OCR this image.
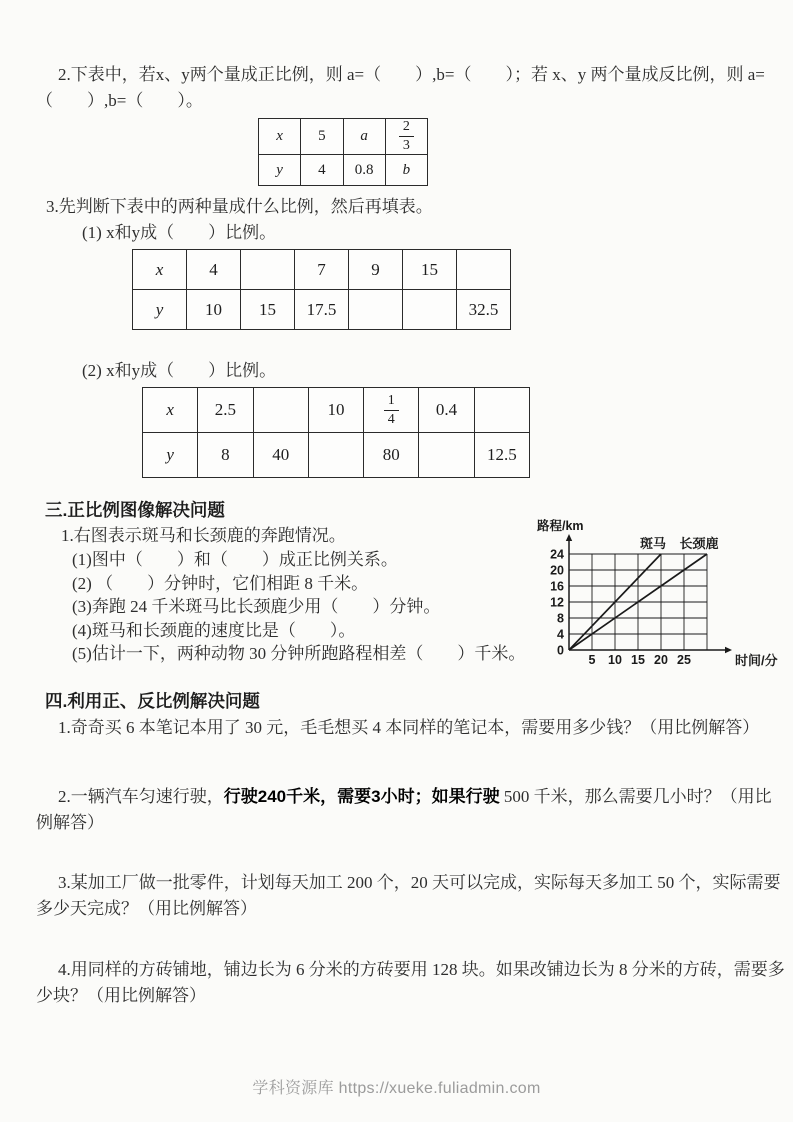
2.下表中，若x、y两个量成正比例，则 a=（　　）,b=（　　）；若 x、y 两个量成反比例，则 a=（　　）,b=（　　）。

x	5	a	$\frac{2}{3}$

y	4	0.8	b

3.先判断下表中的两种量成什么比例，然后再填表。

(1) x和y成（　　）比例。
x	4		7	9	15	
y	10	15	17.5			32.5
(2) x和y成（　　）比例。
x	2.5		10	$\frac{1}{4}$	0.4	
y	8	40		80		12.5
三.正比例图像解决问题
1.右图表示斑马和长颈鹿的奔跑情况。
(1)图中（　　）和（　　）成正比例关系。
(2) （　　）分钟时，它们相距 8 千米。
(3)奔跑 24 千米斑马比长颈鹿少用（　　）分钟。
(4)斑马和长颈鹿的速度比是（　　）。
(5)估计一下，两种动物 30 分钟所跑路程相差（　　）千米。	0
4
8
12
16
20
24
5 10 15 20 25
路程/km
时间/分
斑马 长颈鹿
四.利用正、反比例解决问题

1.奇奇买 6 本笔记本用了 30 元，毛毛想买 4 本同样的笔记本，需要用多少钱？（用比例解答）

2.一辆汽车匀速行驶，行驶240千米，需要3小时；如果行驶 500 千米，那么需要几小时？（用比例解答）

3.某加工厂做一批零件，计划每天加工 200 个，20 天可以完成，实际每天多加工 50 个，实际需要多少天完成？（用比例解答）

4.用同样的方砖铺地，铺边长为 6 分米的方砖要用 128 块。如果改铺边长为 8 分米的方砖，需要多少块？（用比例解答）

学科资源库 https://xueke.fuliadmin.com
